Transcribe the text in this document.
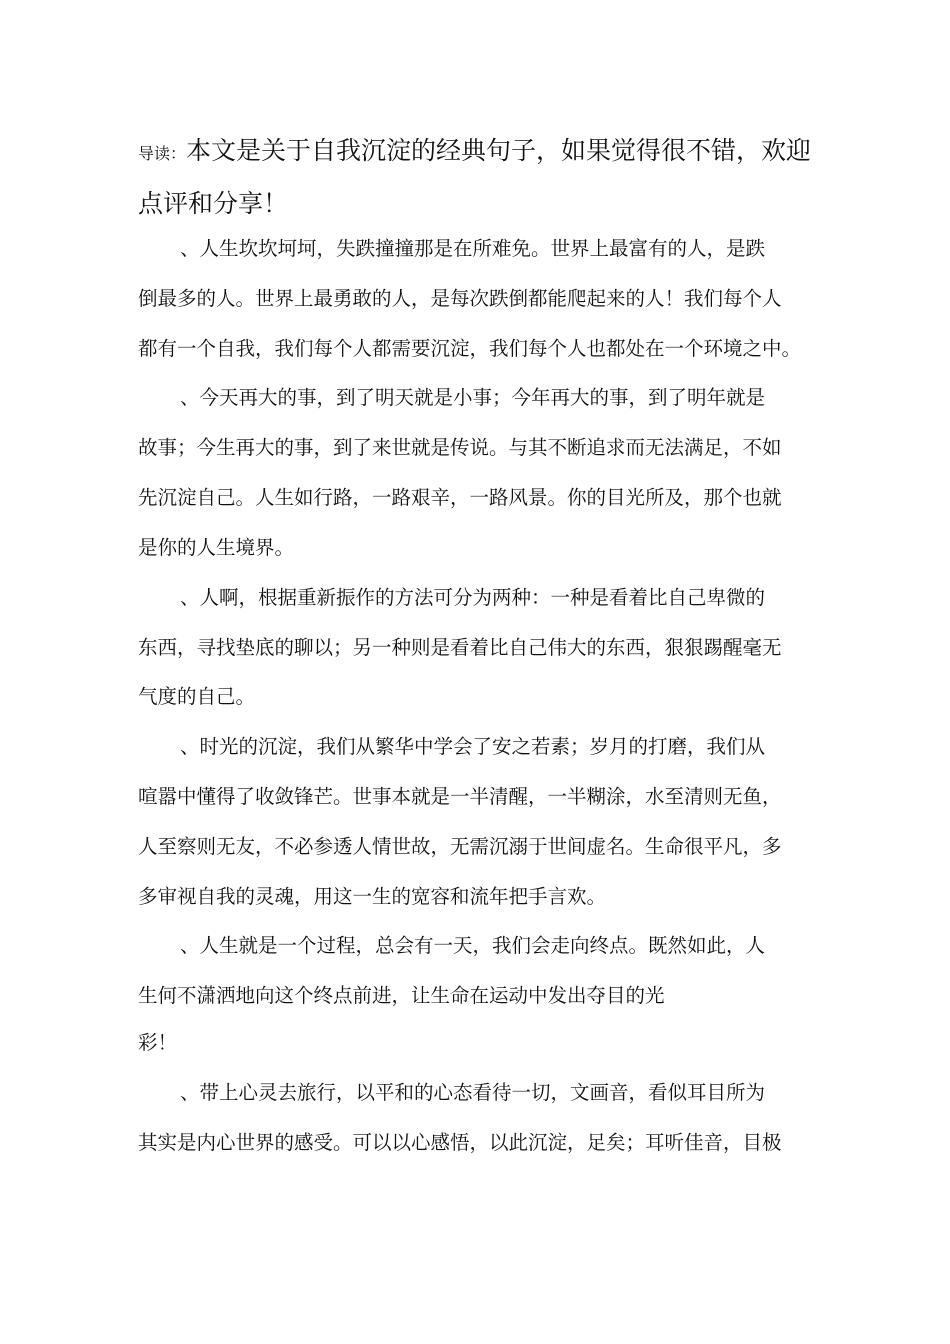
导读：本文是关于自我沉淀的经典句子，如果觉得很不错，欢迎点评和分享！
、人生坎坎坷坷，失跌撞撞那是在所难免。世界上最富有的人，是跌
倒最多的人。世界上最勇敢的人，是每次跌倒都能爬起来的人！我们每个人
都有一个自我，我们每个人都需要沉淀，我们每个人也都处在一个环境之中。
、今天再大的事，到了明天就是小事；今年再大的事，到了明年就是
故事；今生再大的事，到了来世就是传说。与其不断追求而无法满足，不如
先沉淀自己。人生如行路，一路艰辛，一路风景。你的目光所及，那个也就
是你的人生境界。
、人啊，根据重新振作的方法可分为两种：一种是看着比自己卑微的
东西，寻找垫底的聊以；另一种则是看着比自己伟大的东西，狠狠踢醒毫无
气度的自己。
、时光的沉淀，我们从繁华中学会了安之若素；岁月的打磨，我们从
喧嚣中懂得了收敛锋芒。世事本就是一半清醒，一半糊涂，水至清则无鱼，
人至察则无友，不必参透人情世故，无需沉溺于世间虚名。生命很平凡，多
多审视自我的灵魂，用这一生的宽容和流年把手言欢。
、人生就是一个过程，总会有一天，我们会走向终点。既然如此，人
生何不潇洒地向这个终点前进，让生命在运动中发出夺目的光
彩！
、带上心灵去旅行，以平和的心态看待一切，文画音，看似耳目所为
其实是内心世界的感受。可以以心感悟，以此沉淀，足矣；耳听佳音，目极
